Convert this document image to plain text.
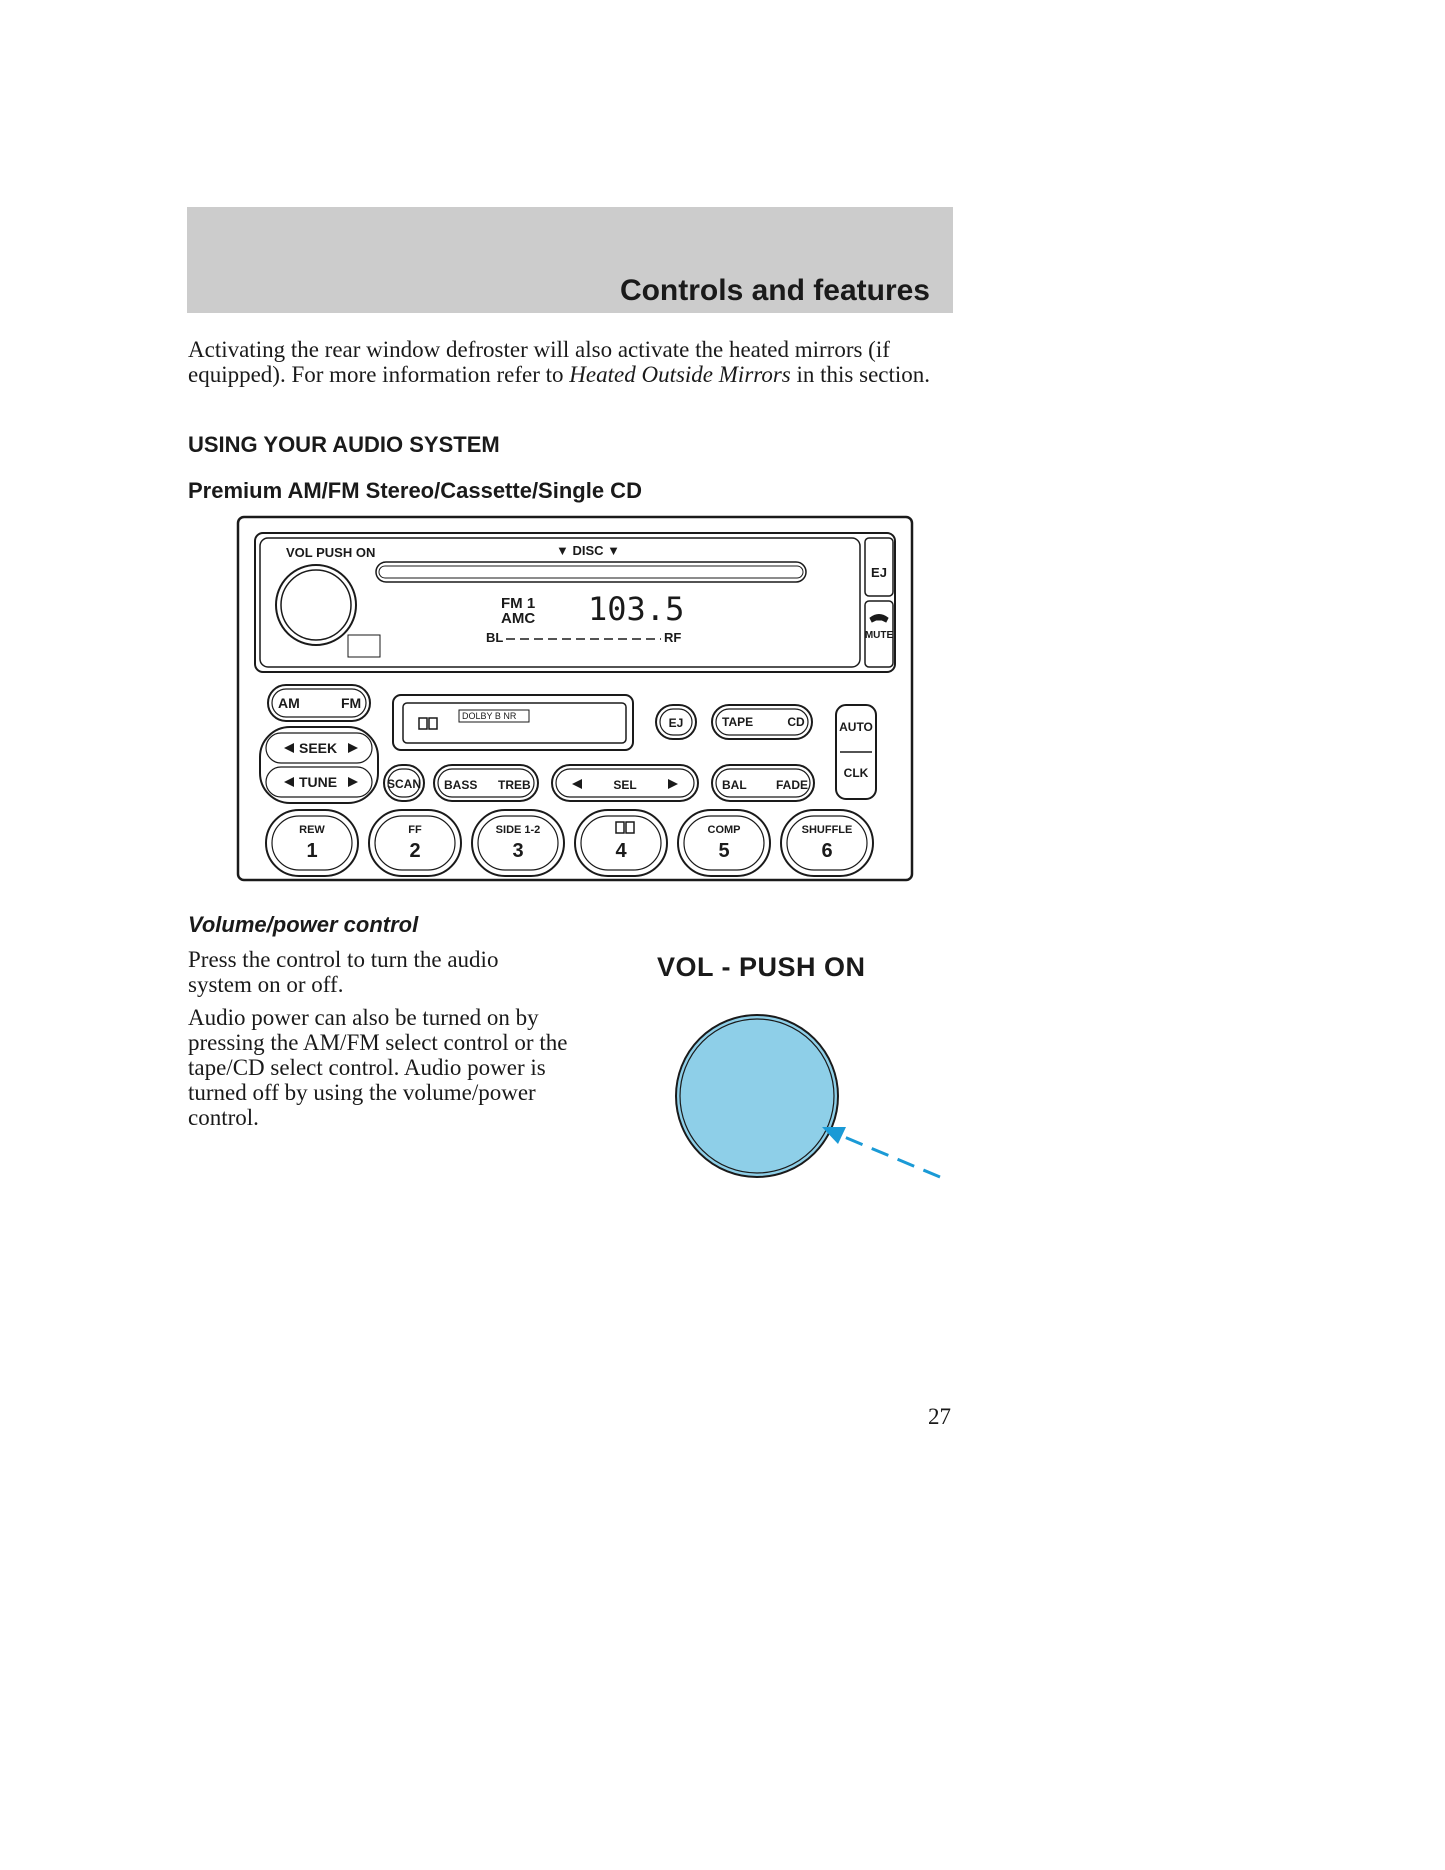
Controls and features
Activating the rear window defroster will also activate the heated mirrors (if equipped). For more information refer to Heated Outside Mirrors in this section.
USING YOUR AUDIO SYSTEM
Premium AM/FM Stereo/Cassette/Single CD
VOL PUSH ON	▼ DISC ▼
EJ
MUTE
FM 1
AMC 103.5
BL	RF
AM	FM
DOLBY B NR	EJ	TAPE	CD	AUTO
CLK
SEEK
TUNE	SCAN BASS TREB	SEL	BAL FADE
REW
1
FF
2
SIDE 1-2
3	4
COMP
5
SHUFFLE
6
Volume/power control

Press the control to turn the audio system on or off.

Audio power can also be turned on by pressing the AM/FM select control or the tape/CD select control. Audio power is turned off by using the volume/power control.

VOL - PUSH ON
27
